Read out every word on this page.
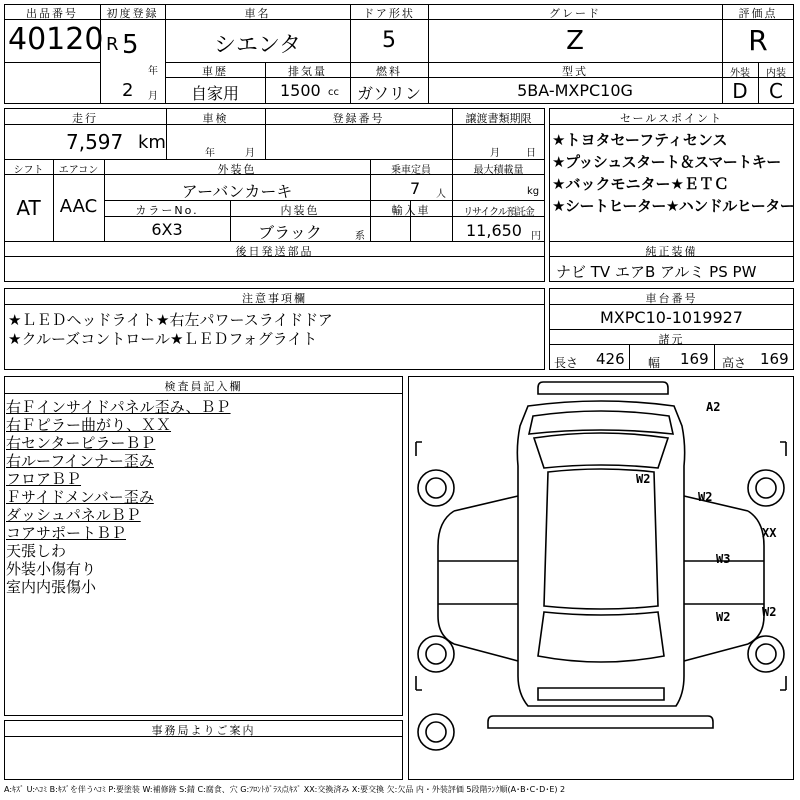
出品番号
40120
初度登録
R 5
年
2 月
車名
シエンタ
ドア形状
5
グレード
Z
評価点
R
車歴
自家用
排気量
1500 cc
燃料
ガソリン
型式
5BA-MXPC10G
外装
D
内装
C
走行
7,597 km
車検
年	月
登録番号	譲渡書類期限
月	日
シフト
AT
エアコン
AAC
外装色
アーバンカーキ
乗車定員
7 人
最大積載量
kg
カラーNo.
6X3
内装色
ブラック	系
輸入車	リサイクル預託金
11,650 円
後日発送部品
セールスポイント
★トヨタセーフティセンス
★プッシュスタート＆スマートキー
★バックモニター★ＥＴＣ
★シートヒーター★ハンドルヒーター
純正装備
ナビ TV エアB アルミ PS PW
注意事項欄
★ＬＥＤヘッドライト★右左パワースライドドア
★クルーズコントロール★ＬＥＤフォグライト
車台番号
MXPC10-1019927
諸元
長さ 426 幅 169 高さ 169
検査員記入欄
右Ｆインサイドパネル歪み、ＢＰ
右Ｆピラー曲がり、ＸＸ
右センターピラーＢＰ
右ルーフインナー歪み
フロアＢＰ
Ｆサイドメンバー歪み
ダッシュパネルＢＰ
コアサポートＢＰ
天張しわ
外装小傷有り
室内内張傷小
A2
W2
W2
XX
W3
W2	W2
事務局よりご案内
A:ｷｽﾞ U:ﾍｺﾐ B:ｷｽﾞを伴うﾍｺﾐ P:要塗装 W:補修跡 S:錆 C:腐食、穴 G:ﾌﾛﾝﾄｶﾞﾗｽ点ｷｽﾞ XX:交換済み X:要交換 欠:欠品 内・外装評価 5段階ﾗﾝｸ順(A･B･C･D･E) 2
